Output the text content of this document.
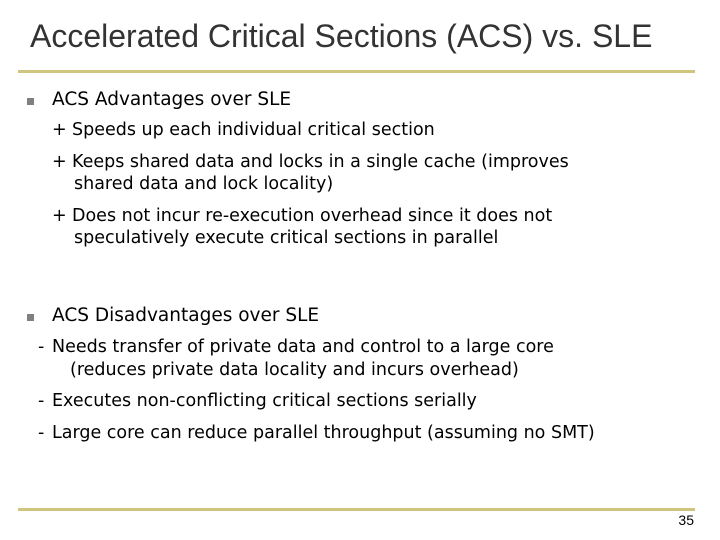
Accelerated Critical Sections (ACS) vs. SLE
ACS Advantages over SLE
+ Speeds up each individual critical section
+ Keeps shared data and locks in a single cache (improves
shared data and lock locality)
+ Does not incur re-execution overhead since it does not
speculatively execute critical sections in parallel
ACS Disadvantages over SLE
- Needs transfer of private data and control to a large core
(reduces private data locality and incurs overhead)
- Executes non-conflicting critical sections serially
- Large core can reduce parallel throughput (assuming no SMT)
35
